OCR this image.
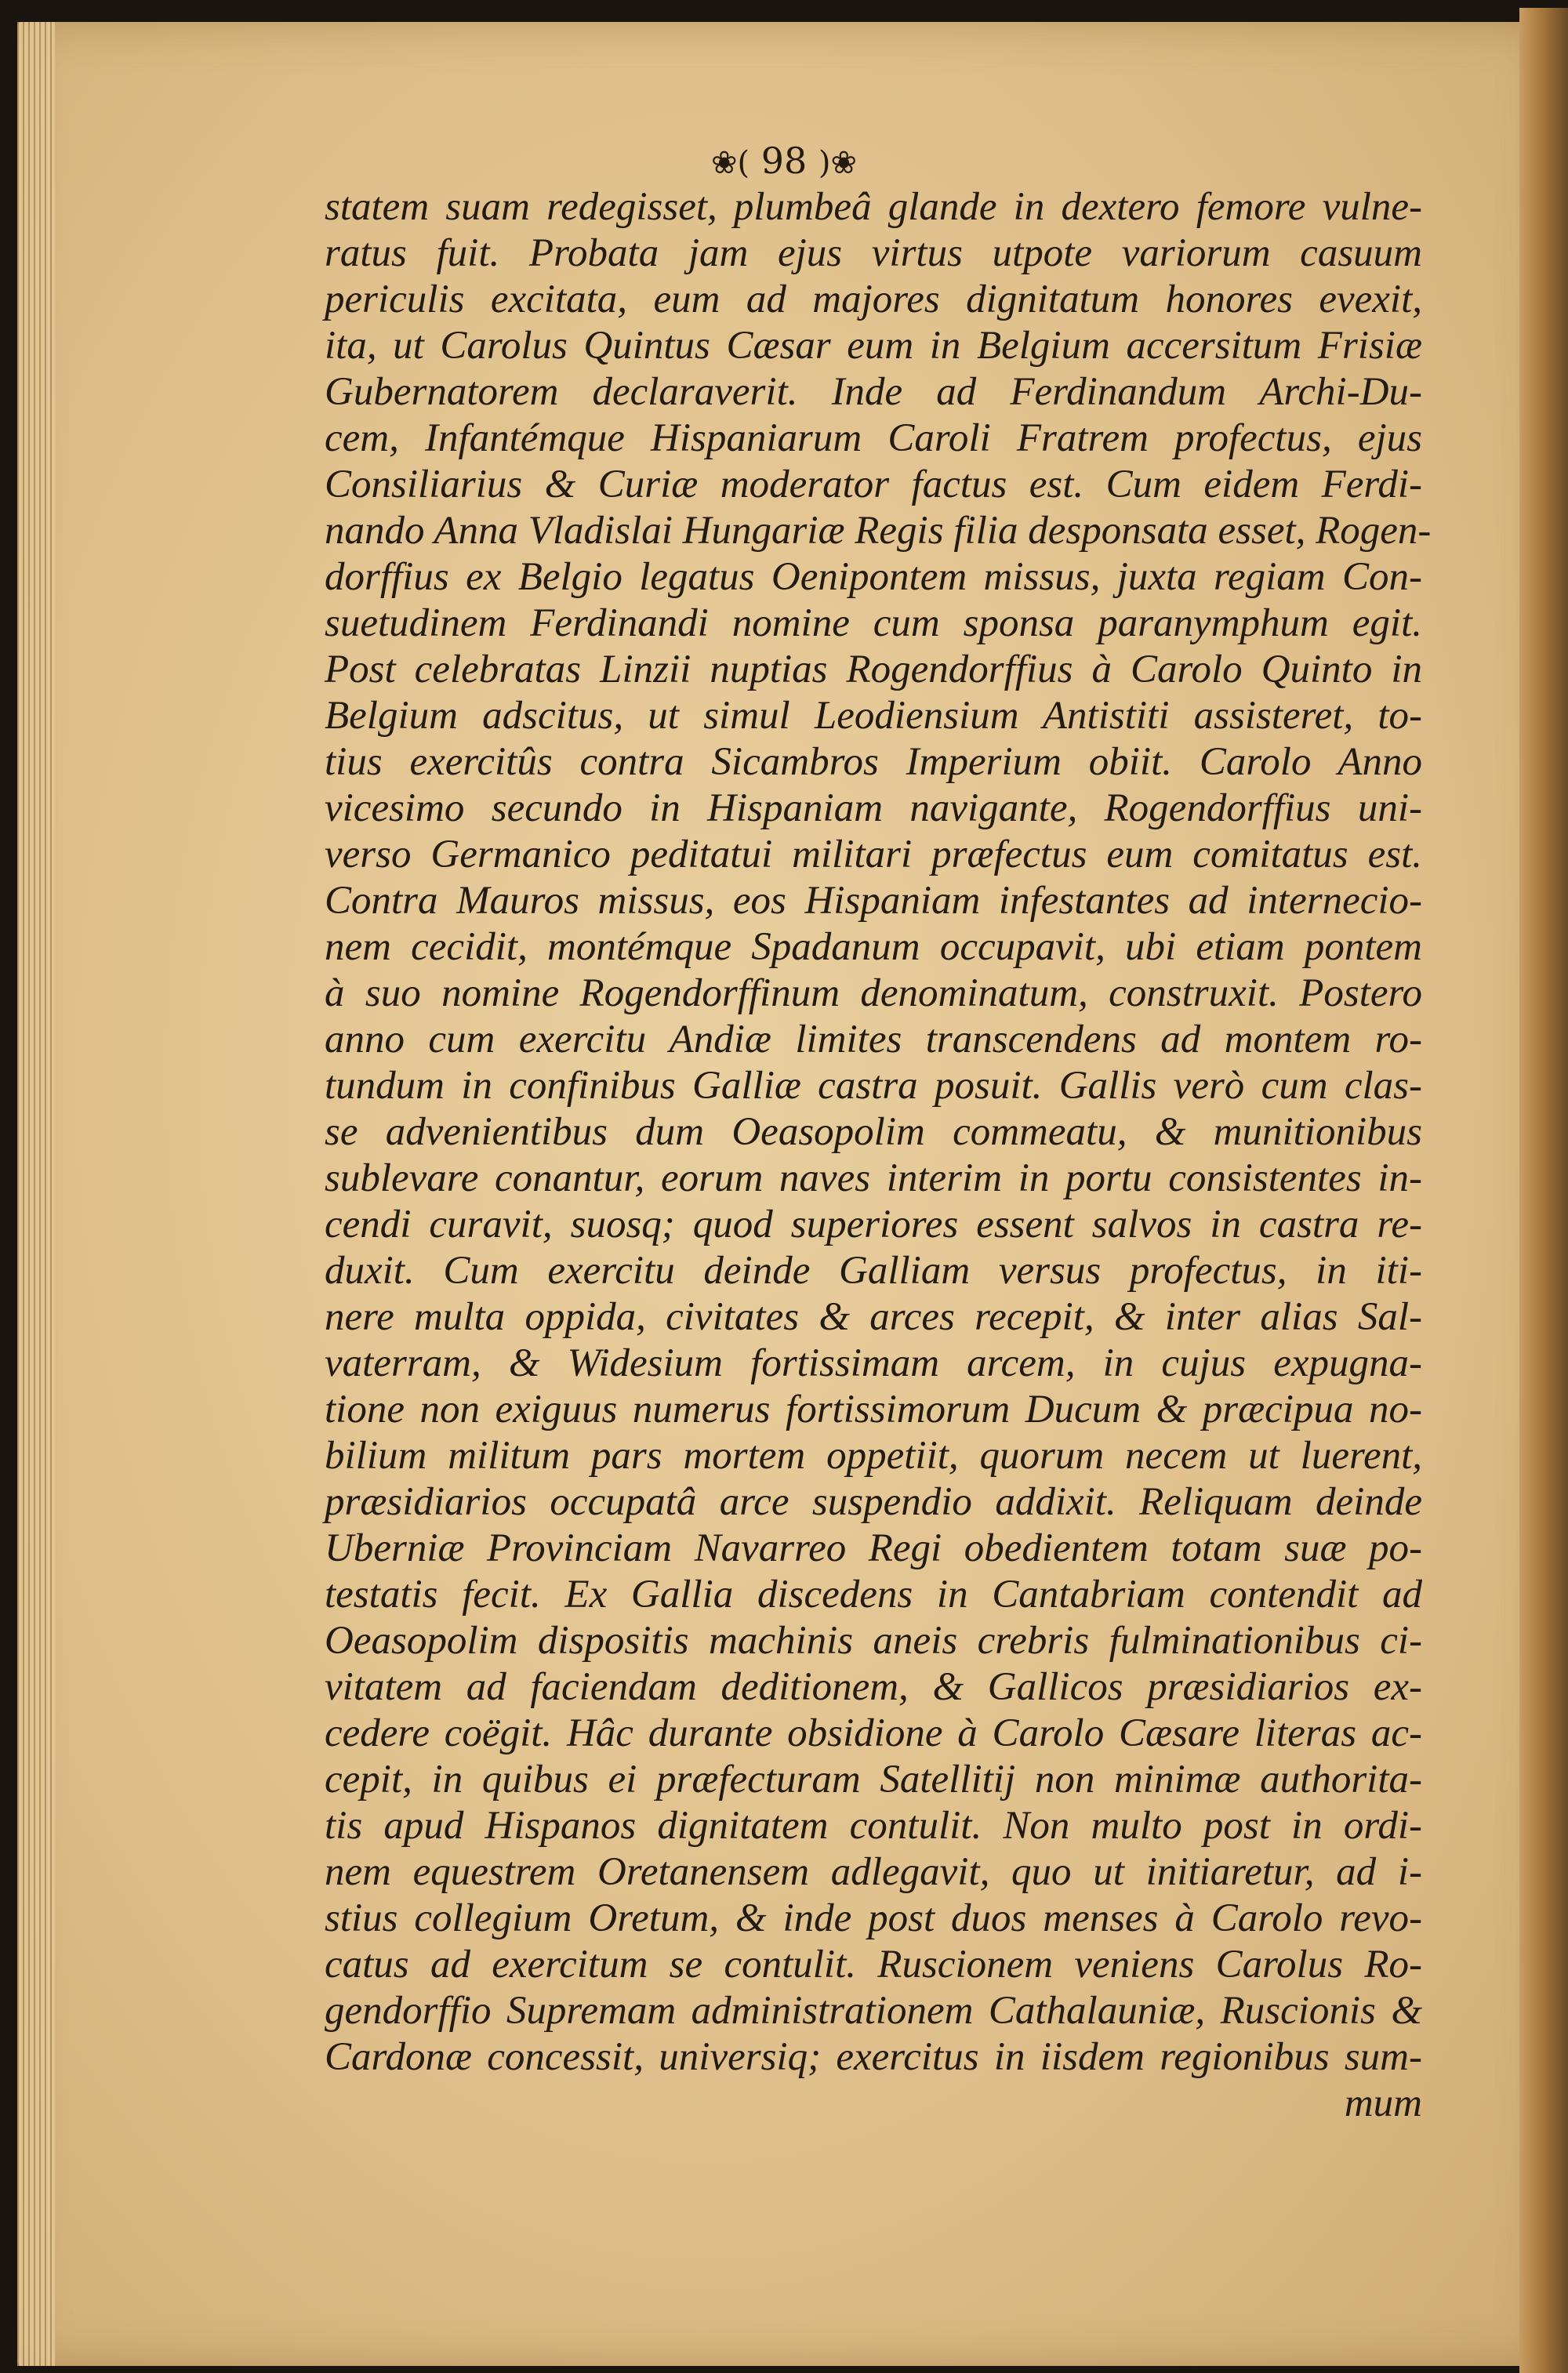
❀( 98 )❀
statem suam redegisset, plumbeâ glande in dextero femore vulne-
ratus fuit. Probata jam ejus virtus utpote variorum casuum
periculis excitata, eum ad majores dignitatum honores evexit,
ita, ut Carolus Quintus Cæsar eum in Belgium accersitum Frisiæ
Gubernatorem declaraverit. Inde ad Ferdinandum Archi-Du-
cem, Infantémque Hispaniarum Caroli Fratrem profectus, ejus
Consiliarius & Curiæ moderator factus est. Cum eidem Ferdi-
nando Anna Vladislai Hungariæ Regis filia desponsata esset, Rogen-
dorffius ex Belgio legatus Oenipontem missus, juxta regiam Con-
suetudinem Ferdinandi nomine cum sponsa paranymphum egit.
Post celebratas Linzii nuptias Rogendorffius à Carolo Quinto in
Belgium adscitus, ut simul Leodiensium Antistiti assisteret, to-
tius exercitûs contra Sicambros Imperium obiit. Carolo Anno
vicesimo secundo in Hispaniam navigante, Rogendorffius uni-
verso Germanico peditatui militari præfectus eum comitatus est.
Contra Mauros missus, eos Hispaniam infestantes ad internecio-
nem cecidit, montémque Spadanum occupavit, ubi etiam pontem
à suo nomine Rogendorffinum denominatum, construxit. Postero
anno cum exercitu Andiæ limites transcendens ad montem ro-
tundum in confinibus Galliæ castra posuit. Gallis verò cum clas-
se advenientibus dum Oeasopolim commeatu, & munitionibus
sublevare conantur, eorum naves interim in portu consistentes in-
cendi curavit, suosq; quod superiores essent salvos in castra re-
duxit. Cum exercitu deinde Galliam versus profectus, in iti-
nere multa oppida, civitates & arces recepit, & inter alias Sal-
vaterram, & Widesium fortissimam arcem, in cujus expugna-
tione non exiguus numerus fortissimorum Ducum & præcipua no-
bilium militum pars mortem oppetiit, quorum necem ut luerent,
præsidiarios occupatâ arce suspendio addixit. Reliquam deinde
Uberniæ Provinciam Navarreo Regi obedientem totam suæ po-
testatis fecit. Ex Gallia discedens in Cantabriam contendit ad
Oeasopolim dispositis machinis aneis crebris fulminationibus ci-
vitatem ad faciendam deditionem, & Gallicos præsidiarios ex-
cedere coëgit. Hâc durante obsidione à Carolo Cæsare literas ac-
cepit, in quibus ei præfecturam Satellitij non minimæ authorita-
tis apud Hispanos dignitatem contulit. Non multo post in ordi-
nem equestrem Oretanensem adlegavit, quo ut initiaretur, ad i-
stius collegium Oretum, & inde post duos menses à Carolo revo-
catus ad exercitum se contulit. Ruscionem veniens Carolus Ro-
gendorffio Supremam administrationem Cathalauniæ, Ruscionis &
Cardonæ concessit, universiq; exercitus in iisdem regionibus sum-
mum
